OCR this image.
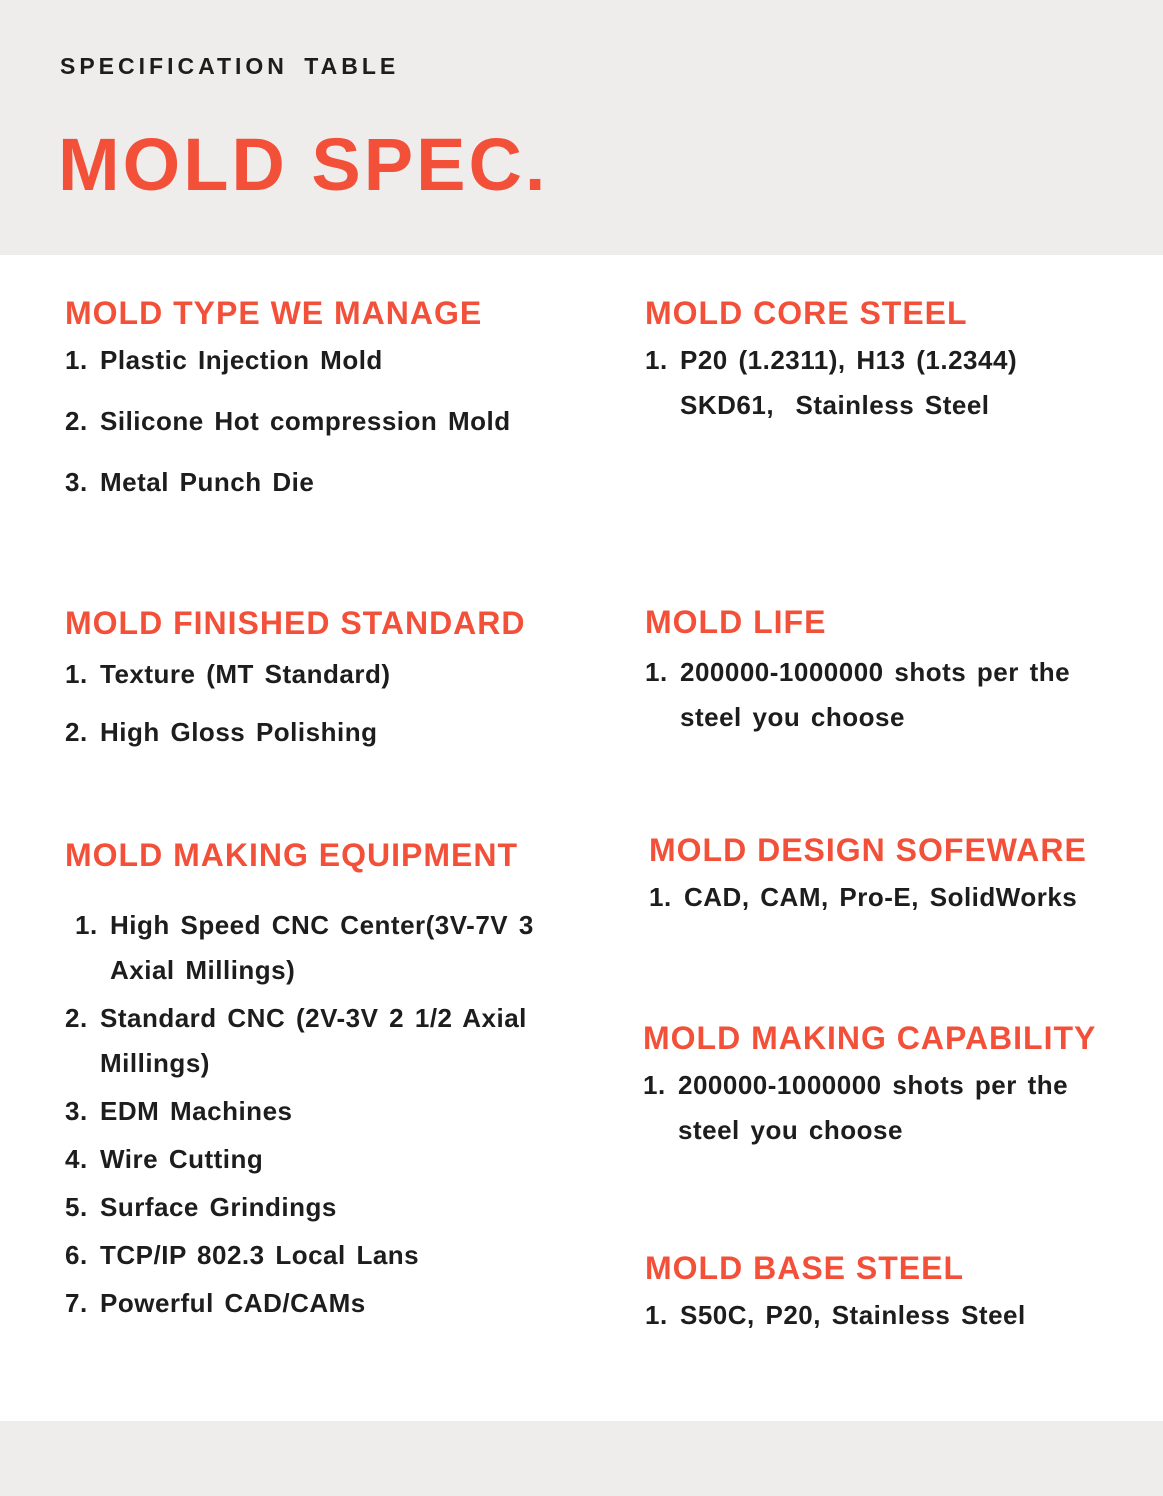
SPECIFICATION TABLE
MOLD SPEC.
MOLD TYPE WE MANAGE
1. Plastic Injection Mold
2. Silicone Hot compression Mold
3. Metal Punch Die
MOLD CORE STEEL
1. P20 (1.2311), H13 (1.2344)
SKD61,  Stainless Steel
MOLD FINISHED STANDARD
1. Texture (MT Standard)
2. High Gloss Polishing
MOLD LIFE
1. 200000-1000000 shots per the
steel you choose
MOLD MAKING EQUIPMENT
1. High Speed CNC Center(3V-7V 3
Axial Millings)
2. Standard CNC (2V-3V 2 1/2 Axial
Millings)
3. EDM Machines
4. Wire Cutting
5. Surface Grindings
6. TCP/IP 802.3 Local Lans
7. Powerful CAD/CAMs
MOLD DESIGN SOFEWARE
1. CAD, CAM, Pro-E, SolidWorks
MOLD MAKING CAPABILITY
1. 200000-1000000 shots per the
steel you choose
MOLD BASE STEEL
1. S50C, P20, Stainless Steel
